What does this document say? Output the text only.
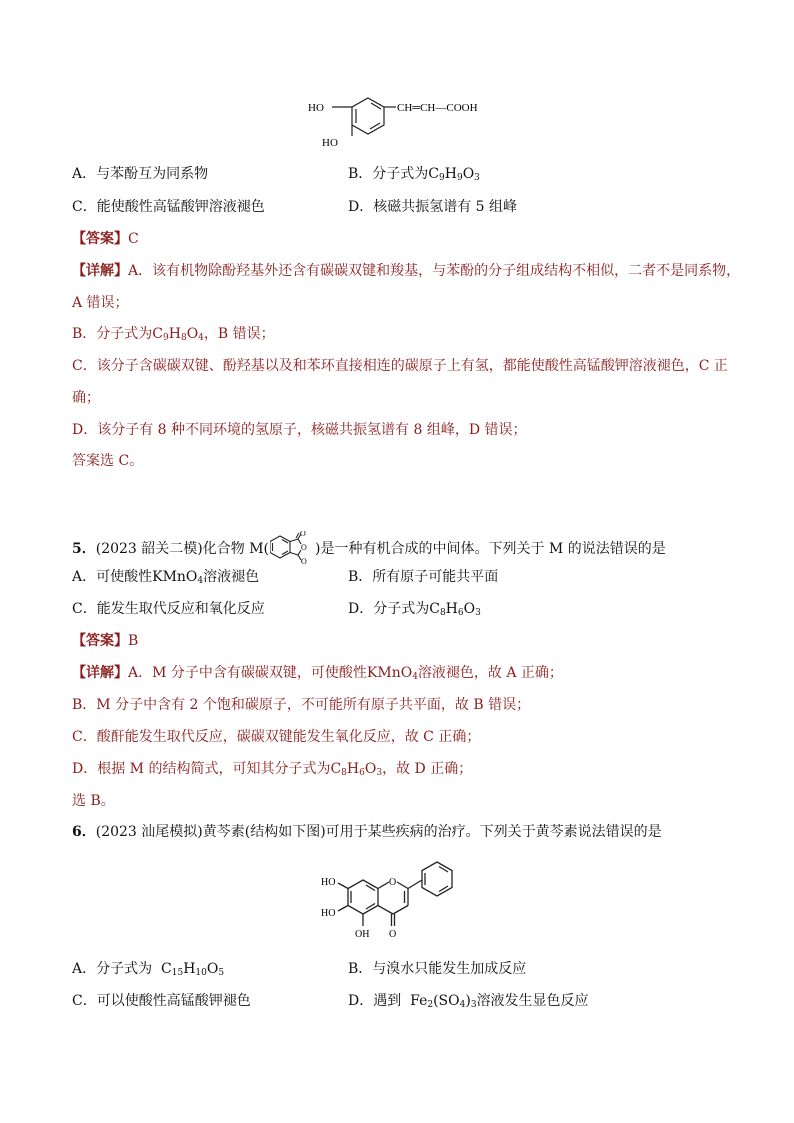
HO
HO
CH═CH—COOH
A．与苯酚互为同系物	B．分子式为$C_9H_9O_3$
C．能使酸性高锰酸钾溶液褪色	D．核磁共振氢谱有 5 组峰
【答案】C
【详解】A．该有机物除酚羟基外还含有碳碳双键和羧基，与苯酚的分子组成结构不相似，二者不是同系物，
A 错误；
B．分子式为$C_9H_8O_4$，B 错误；
C．该分子含碳碳双键、酚羟基以及和苯环直接相连的碳原子上有氢，都能使酸性高锰酸钾溶液褪色，C 正
确；
D．该分子有 8 种不同环境的氢原子，核磁共振氢谱有 8 组峰，D 错误；
答案选 C。
5．(2023 韶关二模)化合物 M(
O
O
O
)是一种有机合成的中间体。下列关于 M 的说法错误的是
A．可使酸性KMnO$_4$溶液褪色	B．所有原子可能共平面
C．能发生取代反应和氧化反应	D．分子式为$C_8H_6O_3$
【答案】B
【详解】A．M 分子中含有碳碳双键，可使酸性KMnO$_4$溶液褪色，故 A 正确；
B．M 分子中含有 2 个饱和碳原子，不可能所有原子共平面，故 B 错误；
C．酸酐能发生取代反应，碳碳双键能发生氧化反应，故 C 正确；
D．根据 M 的结构简式，可知其分子式为$C_8H_6O_3$，故 D 正确；
选 B。
6．(2023 汕尾模拟)黄芩素(结构如下图)可用于某些疾病的治疗。下列关于黄芩素说法错误的是
HO
HO
OH
O
O
A．分子式为  $C_{15}H_{10}O_5$	B．与溴水只能发生加成反应
C．可以使酸性高锰酸钾褪色	D．遇到  $Fe_2(SO_4)_3$溶液发生显色反应
